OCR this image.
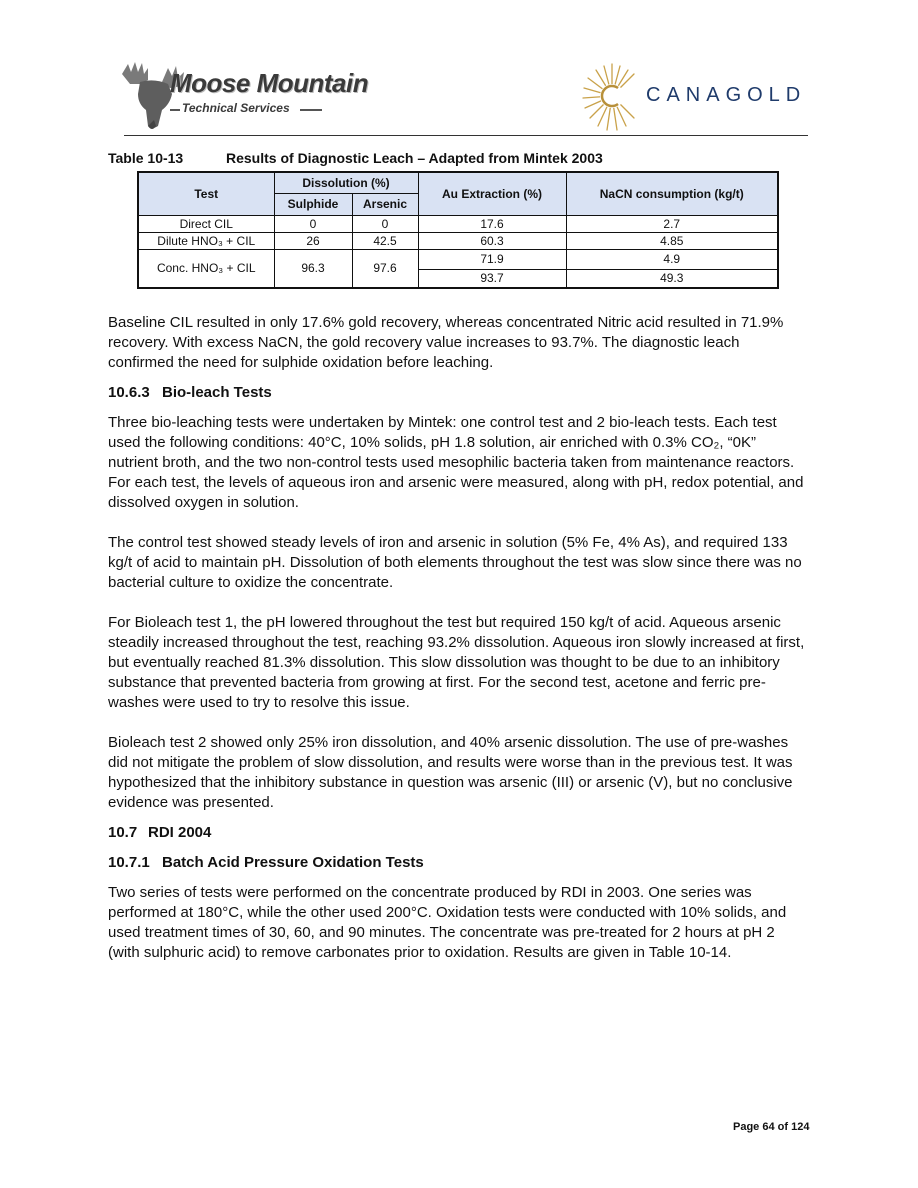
Moose Mountain
Technical Services
CANAGOLD
Table 10-13	Results of Diagnostic Leach – Adapted from Mintek 2003
Test	Dissolution (%)		Au Extraction (%)	NaCN consumption (kg/t)
	Sulphide	Arsenic		
Direct CIL	0	0	17.6	2.7
Dilute HNO₃ + CIL	26	42.5	60.3	4.85
Conc. HNO₃ + CIL	96.3	97.6	71.9	4.9
			93.7	49.3

Baseline CIL resulted in only 17.6% gold recovery, whereas concentrated Nitric acid resulted in 71.9% recovery. With excess NaCN, the gold recovery value increases to 93.7%. The diagnostic leach confirmed the need for sulphide oxidation before leaching.

10.6.3 Bio-leach Tests

Three bio-leaching tests were undertaken by Mintek: one control test and 2 bio-leach tests. Each test used the following conditions: 40°C, 10% solids, pH 1.8 solution, air enriched with 0.3% CO₂, “0K” nutrient broth, and the two non-control tests used mesophilic bacteria taken from maintenance reactors. For each test, the levels of aqueous iron and arsenic were measured, along with pH, redox potential, and dissolved oxygen in solution.

The control test showed steady levels of iron and arsenic in solution (5% Fe, 4% As), and required 133 kg/t of acid to maintain pH. Dissolution of both elements throughout the test was slow since there was no bacterial culture to oxidize the concentrate.

For Bioleach test 1, the pH lowered throughout the test but required 150 kg/t of acid. Aqueous arsenic steadily increased throughout the test, reaching 93.2% dissolution. Aqueous iron slowly increased at first, but eventually reached 81.3% dissolution. This slow dissolution was thought to be due to an inhibitory substance that prevented bacteria from growing at first. For the second test, acetone and ferric pre-washes were used to try to resolve this issue.

Bioleach test 2 showed only 25% iron dissolution, and 40% arsenic dissolution. The use of pre-washes did not mitigate the problem of slow dissolution, and results were worse than in the previous test. It was hypothesized that the inhibitory substance in question was arsenic (III) or arsenic (V), but no conclusive evidence was presented.

10.7 RDI 2004
10.7.1 Batch Acid Pressure Oxidation Tests

Two series of tests were performed on the concentrate produced by RDI in 2003. One series was performed at 180°C, while the other used 200°C. Oxidation tests were conducted with 10% solids, and used treatment times of 30, 60, and 90 minutes. The concentrate was pre-treated for 2 hours at pH 2 (with sulphuric acid) to remove carbonates prior to oxidation. Results are given in Table 10-14.

Page 64 of 124
